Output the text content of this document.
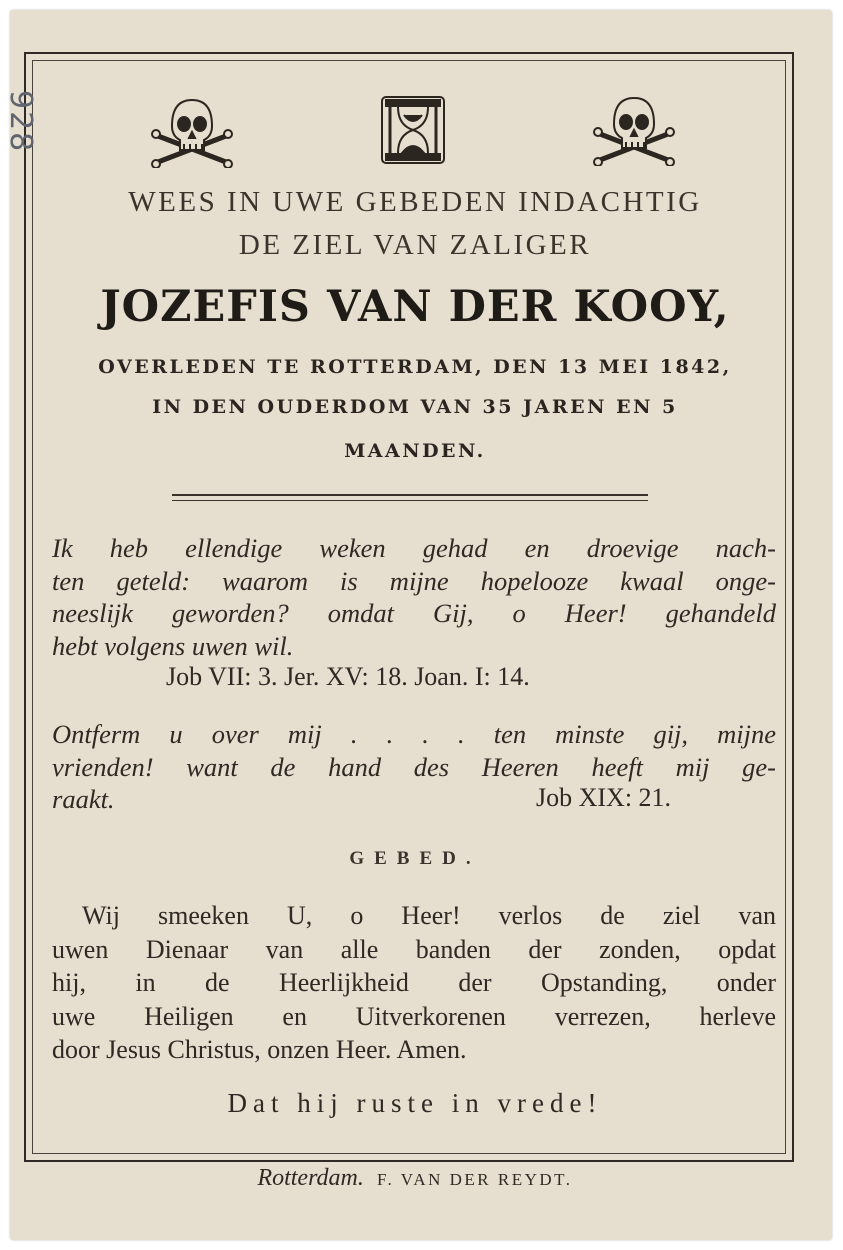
928
WEES IN UWE GEBEDEN INDACHTIG
DE ZIEL VAN ZALIGER
JOZEFIS VAN DER KOOY,
OVERLEDEN TE ROTTERDAM, DEN 13 MEI 1842,
IN DEN OUDERDOM VAN 35 JAREN EN 5
MAANDEN.
Ik heb ellendige weken gehad en droevige nach-
ten geteld: waarom is mijne hopelooze kwaal onge-
neeslijk geworden? omdat Gij, o Heer! gehandeld
hebt volgens uwen wil.
Job VII: 3. Jer. XV: 18. Joan. I: 14.
Ontferm u over mij . . . . ten minste gij, mijne
vrienden! want de hand des Heeren heeft mij ge-
raakt.	Job XIX: 21.
GEBED.
Wij smeeken U, o Heer! verlos de ziel van
uwen Dienaar van alle banden der zonden, opdat
hij, in de Heerlijkheid der Opstanding, onder
uwe Heiligen en Uitverkorenen verrezen, herleve
door Jesus Christus, onzen Heer. Amen.
Dat hij ruste in vrede!
Rotterdam. F. VAN DER REYDT.
